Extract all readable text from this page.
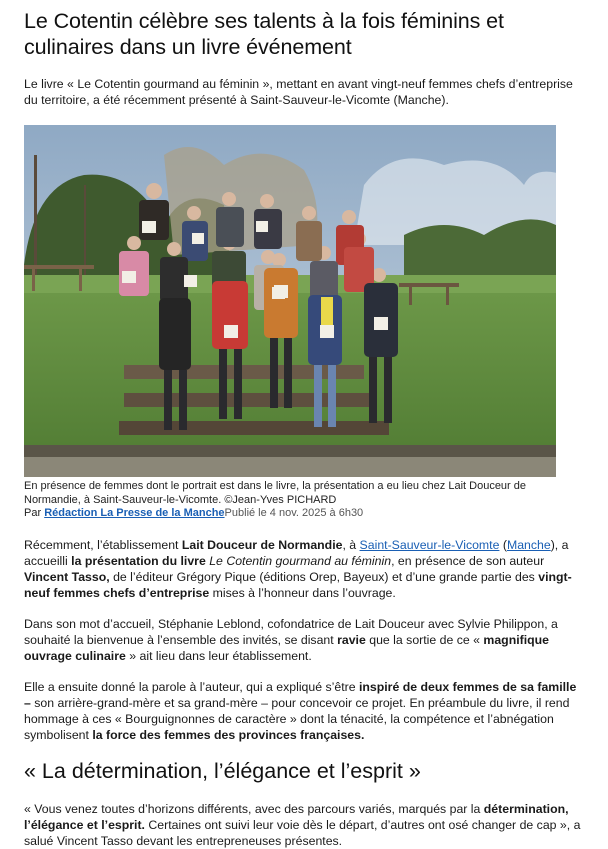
Le Cotentin célèbre ses talents à la fois féminins et culinaires dans un livre événement

Le livre « Le Cotentin gourmand au féminin », mettant en avant vingt-neuf femmes chefs d’entreprise du territoire, a été récemment présenté à Saint-Sauveur-le-Vicomte (Manche).

En présence de femmes dont le portrait est dans le livre, la présentation a eu lieu chez Lait Douceur de Normandie, à Saint-Sauveur-le-Vicomte. ©Jean-Yves PICHARD
Par Rédaction La Presse de la ManchePublié le 4 nov. 2025 à 6h30

Récemment, l’établissement Lait Douceur de Normandie, à Saint-Sauveur-le-Vicomte (Manche), a accueilli la présentation du livre Le Cotentin gourmand au féminin, en présence de son auteur Vincent Tasso, de l’éditeur Grégory Pique (éditions Orep, Bayeux) et d’une grande partie des vingt-neuf femmes chefs d’entreprise mises à l’honneur dans l’ouvrage.

Dans son mot d’accueil, Stéphanie Leblond, cofondatrice de Lait Douceur avec Sylvie Philippon, a souhaité la bienvenue à l’ensemble des invités, se disant ravie que la sortie de ce « magnifique ouvrage culinaire » ait lieu dans leur établissement.

Elle a ensuite donné la parole à l’auteur, qui a expliqué s’être inspiré de deux femmes de sa famille – son arrière-grand-mère et sa grand-mère – pour concevoir ce projet. En préambule du livre, il rend hommage à ces « Bourguignonnes de caractère » dont la ténacité, la compétence et l’abnégation symbolisent la force des femmes des provinces françaises.

« La détermination, l’élégance et l’esprit »

« Vous venez toutes d’horizons différents, avec des parcours variés, marqués par la détermination, l’élégance et l’esprit. Certaines ont suivi leur voie dès le départ, d’autres ont osé changer de cap », a salué Vincent Tasso devant les entrepreneuses présentes.
